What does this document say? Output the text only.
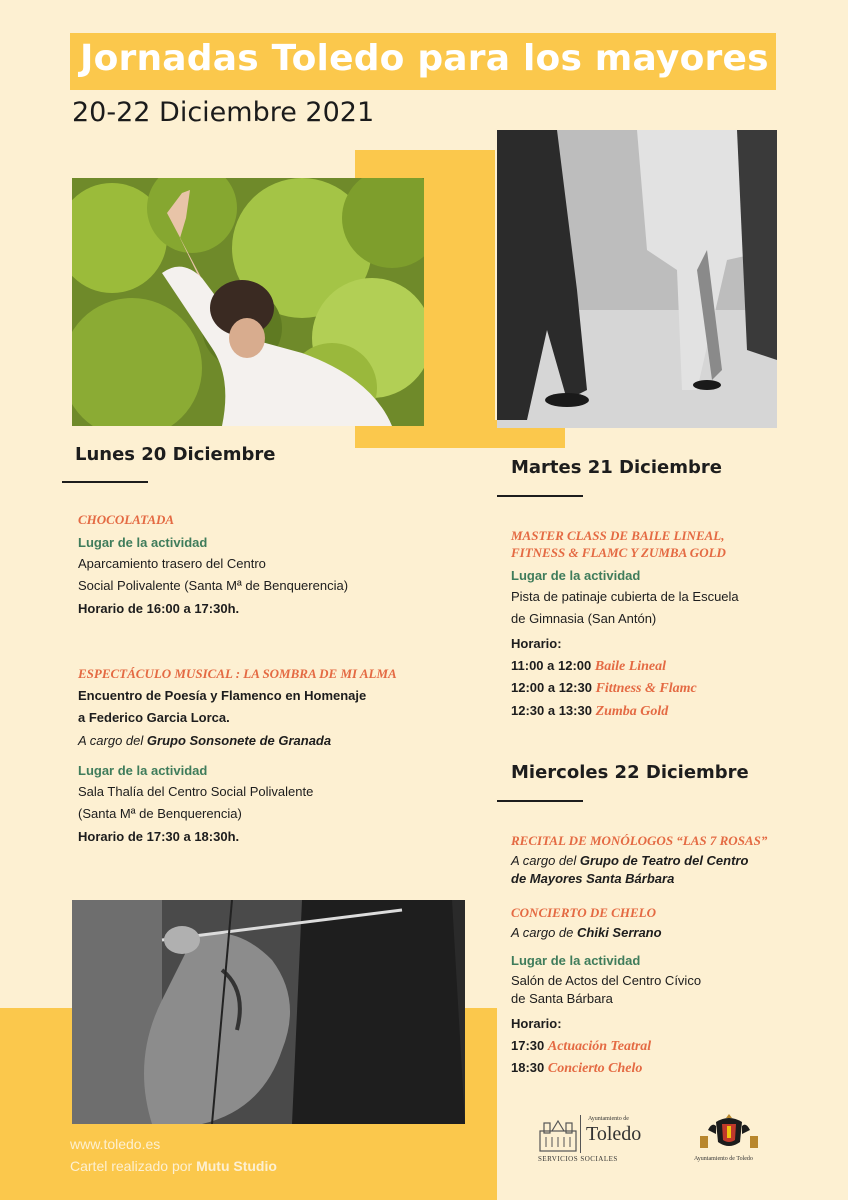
Jornadas Toledo para los mayores
20-22 Diciembre 2021
Lunes 20 Diciembre
CHOCOLATADA
Lugar de la actividad
Aparcamiento trasero del Centro
Social Polivalente (Santa Mª de Benquerencia)
Horario de 16:00 a 17:30h.
ESPECTÁCULO MUSICAL : LA SOMBRA DE MI ALMA
Encuentro de Poesía y Flamenco en Homenaje
a Federico Garcia Lorca.
A cargo del Grupo Sonsonete de Granada
Lugar de la actividad
Sala Thalía del Centro Social Polivalente
(Santa Mª de Benquerencia)
Horario de 17:30 a 18:30h.
Martes 21 Diciembre
MASTER CLASS DE BAILE LINEAL,
FITNESS & FLAMC Y ZUMBA GOLD
Lugar de la actividad
Pista de patinaje cubierta de la Escuela
de Gimnasia (San Antón)
Horario:
11:00 a 12:00 Baile Lineal
12:00 a 12:30 Fittness & Flamc
12:30 a 13:30 Zumba Gold
Miercoles 22 Diciembre
RECITAL DE MONÓLOGOS “LAS 7 ROSAS”
A cargo del Grupo de Teatro del Centro
de Mayores Santa Bárbara
CONCIERTO DE CHELO
A cargo de Chiki Serrano
Lugar de la actividad
Salón de Actos del Centro Cívico
de Santa Bárbara
Horario:
17:30 Actuación Teatral
18:30 Concierto Chelo
www.toledo.es
Cartel realizado por Mutu Studio
Ayuntamiento de
Toledo
SERVICIOS SOCIALES	Ayuntamiento de Toledo
